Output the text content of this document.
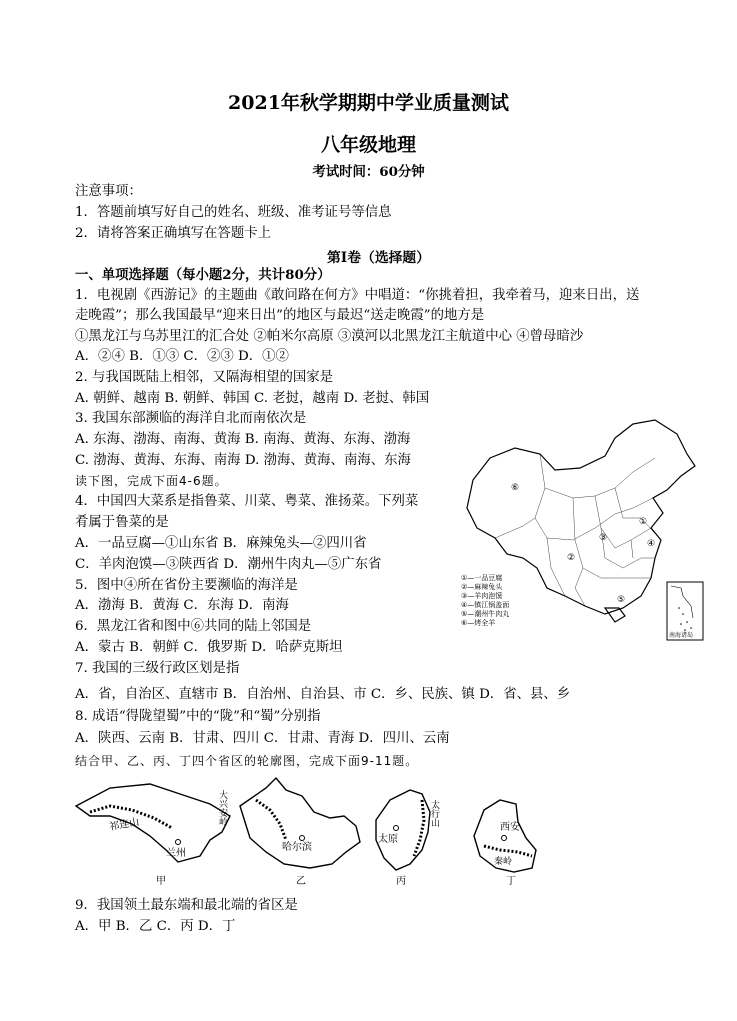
2021年秋学期期中学业质量测试
八年级地理
考试时间：60分钟
注意事项：
1．答题前填写好自己的姓名、班级、准考证号等信息
2．请将答案正确填写在答题卡上
第Ⅰ卷（选择题）
一、单项选择题（每小题2分，共计80分）
1．电视剧《西游记》的主题曲《敢问路在何方》中唱道：“你挑着担，我牵着马，迎来日出，送
走晚霞”；那么我国最早“迎来日出”的地区与最迟“送走晚霞”的地方是
①黑龙江与乌苏里江的汇合处 ②帕米尔高原 ③漠河以北黑龙江主航道中心 ④曾母暗沙
A．②④ B．①③ C．②③ D．①②
2. 与我国既陆上相邻，又隔海相望的国家是
A. 朝鲜、越南 B. 朝鲜、韩国 C. 老挝，越南 D. 老挝、韩国
3. 我国东部濒临的海洋自北而南依次是
A. 东海、渤海、南海、黄海 B. 南海、黄海、东海、渤海
C. 渤海、黄海、东海、南海 D. 渤海、黄海、南海、东海
读下图，完成下面4-6题。
4．中国四大菜系是指鲁菜、川菜、粤菜、淮扬菜。下列菜
肴属于鲁菜的是
A．一品豆腐—①山东省 B．麻辣兔头—②四川省
C．羊肉泡馍—③陕西省 D．潮州牛肉丸—⑤广东省
5．图中④所在省份主要濒临的海洋是
A．渤海 B．黄海 C．东海 D．南海
6．黑龙江省和图中⑥共同的陆上邻国是
A．蒙古 B．朝鲜 C．俄罗斯 D．哈萨克斯坦
7. 我国的三级行政区划是指
A．省，自治区、直辖市 B．自治州、自治县、市 C．乡、民族、镇 D．省、县、乡
8. 成语“得陇望蜀”中的“陇”和“蜀”分别指
A．陕西、云南 B．甘肃、四川 C．甘肃、青海 D．四川、云南
结合甲、乙、丙、丁四个省区的轮廓图，完成下面9-11题。
9．我国领土最东端和最北端的省区是
A．甲 B．乙 C．丙 D．丁
⑥
①
③
④
②
⑤
①—一品豆腐
②—麻辣兔头
③—羊肉泡馍
④—镇江锅盖面
⑤—潮州牛肉丸
⑥—烤全羊
南海诸岛
祁连山
兰州
甲
大兴安岭
哈尔滨
乙
太行山
太原
丙
西安
秦岭
丁
